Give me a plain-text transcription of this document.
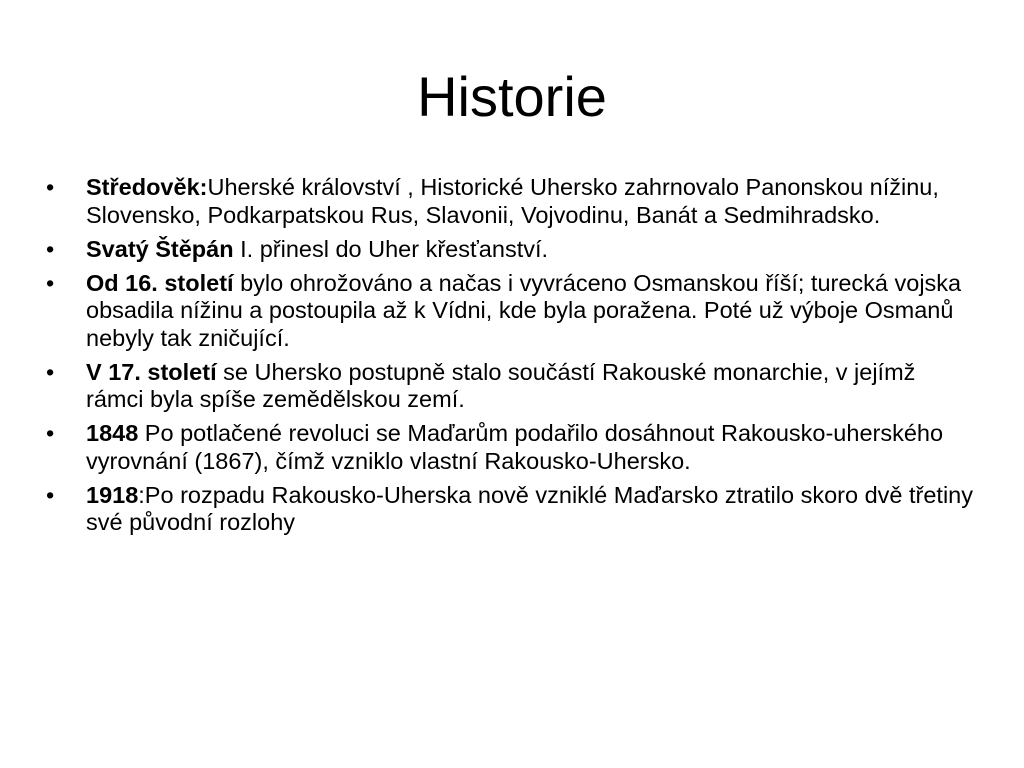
Historie
• Středověk:Uherské království , Historické Uhersko zahrnovalo Panonskou nížinu, Slovensko, Podkarpatskou Rus, Slavonii, Vojvodinu, Banát a Sedmihradsko.
• Svatý Štěpán I. přinesl do Uher křesťanství.
• Od 16. století bylo ohrožováno a načas i vyvráceno Osmanskou říší; turecká vojska obsadila nížinu a postoupila až k Vídni, kde byla poražena. Poté už výboje Osmanů nebyly tak zničující.
• V 17. století se Uhersko postupně stalo součástí Rakouské monarchie, v jejímž rámci byla spíše zemědělskou zemí.
• 1848 Po potlačené revoluci se Maďarům podařilo dosáhnout Rakousko-uherského vyrovnání (1867), čímž vzniklo vlastní Rakousko-Uhersko.
• 1918:Po rozpadu Rakousko-Uherska nově vzniklé Maďarsko ztratilo skoro dvě třetiny své původní rozlohy
